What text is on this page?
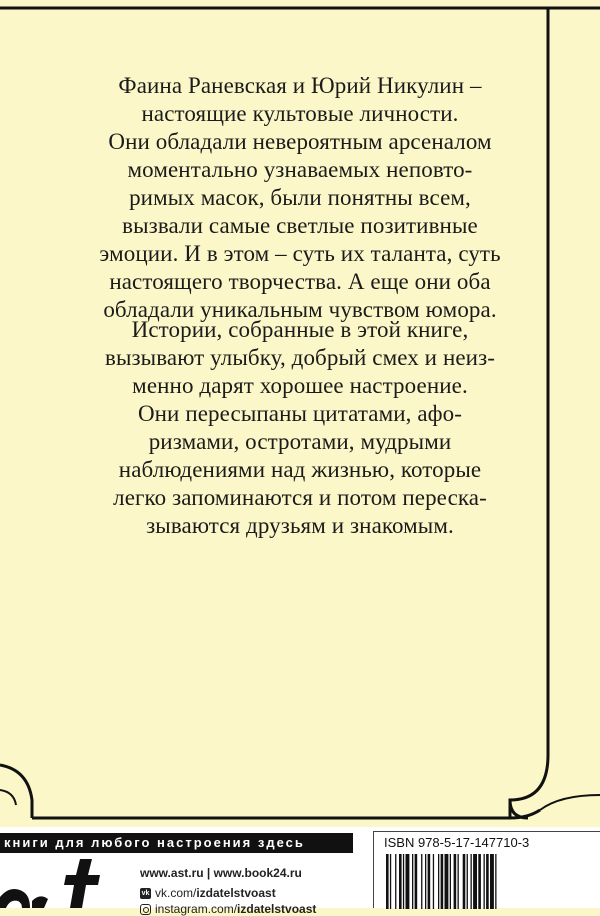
Фаина Раневская и Юрий Никулин –
настоящие культовые личности.
Они обладали невероятным арсеналом
моментально узнаваемых неповто-
римых масок, были понятны всем,
вызвали самые светлые позитивные
эмоции. И в этом – суть их таланта, суть
настоящего творчества. А еще они оба
обладали уникальным чувством юмора.
Истории, собранные в этой книге,
вызывают улыбку, добрый смех и неиз-
менно дарят хорошее настроение.
Они пересыпаны цитатами, афо-
ризмами, остротами, мудрыми
наблюдениями над жизнью, которые
легко запоминаются и потом переска-
зываются друзьям и знакомым.
книги для любого настроения здесь
www.ast.ru | www.book24.ru
vk vk.com/ izdatelstvoast
instagram.com/ izdatelstvoast
ISBN 978-5-17-147710-3
